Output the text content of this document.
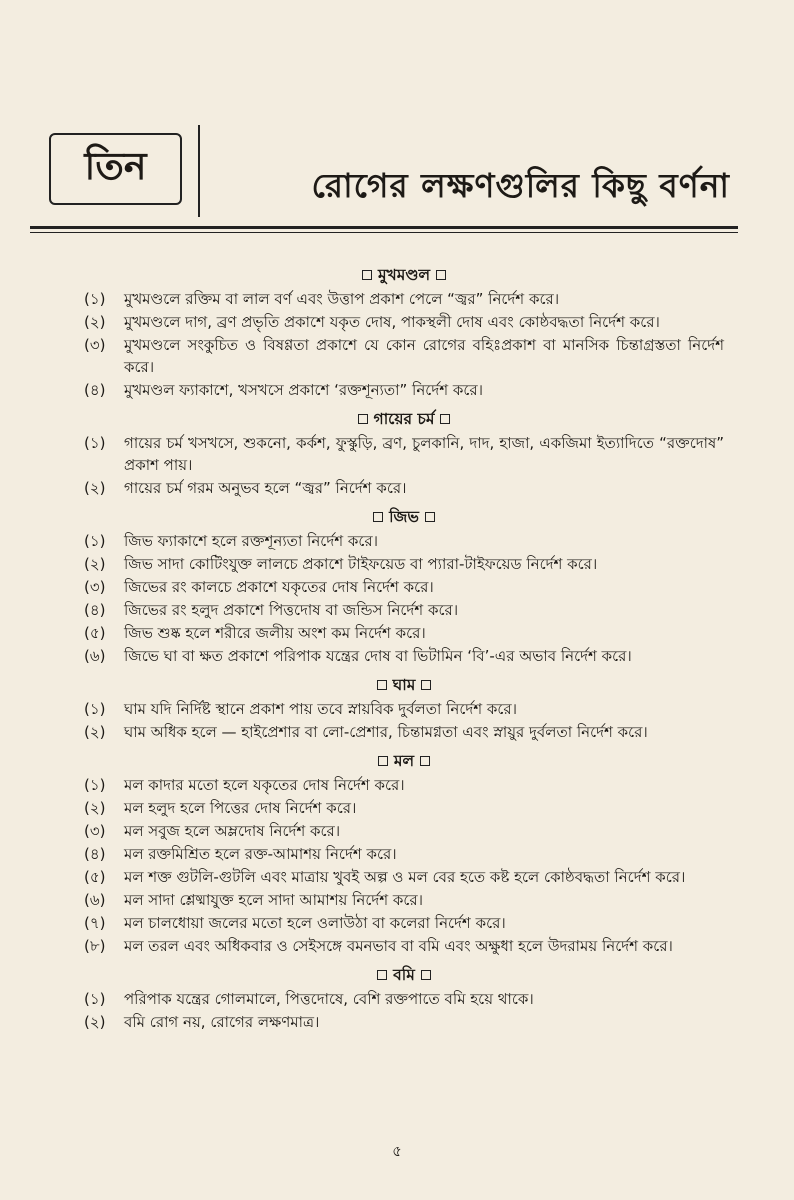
তিন	রোগের লক্ষণগুলির কিছু বর্ণনা
মুখমণ্ডল
(১)	মুখমণ্ডলে রক্তিম বা লাল বর্ণ এবং উত্তাপ প্রকাশ পেলে “জ্বর” নির্দেশ করে।
(২)	মুখমণ্ডলে দাগ, ব্রণ প্রভৃতি প্রকাশে যকৃত দোষ, পাকস্থলী দোষ এবং কোষ্ঠবদ্ধতা নির্দেশ করে।
(৩)	মুখমণ্ডলে সংকুচিত ও বিষণ্ণতা প্রকাশে যে কোন রোগের বহিঃপ্রকাশ বা মানসিক চিন্তাগ্রস্ততা নির্দেশ করে।
(৪)	মুখমণ্ডল ফ্যাকাশে, খসখসে প্রকাশে ‘রক্তশূন্যতা” নির্দেশ করে।
গায়ের চর্ম
(১)	গায়ের চর্ম খসখসে, শুকনো, কর্কশ, ফুস্কুড়ি, ব্রণ, চুলকানি, দাদ, হাজা, একজিমা ইত্যাদিতে “রক্তদোষ” প্রকাশ পায়।
(২)	গায়ের চর্ম গরম অনুভব হলে “জ্বর” নির্দেশ করে।
জিভ
(১)	জিভ ফ্যাকাশে হলে রক্তশূন্যতা নির্দেশ করে।
(২)	জিভ সাদা কোটিংযুক্ত লালচে প্রকাশে টাইফয়েড বা প্যারা-টাইফয়েড নির্দেশ করে।
(৩)	জিভের রং কালচে প্রকাশে যকৃতের দোষ নির্দেশ করে।
(৪)	জিভের রং হলুদ প্রকাশে পিত্তদোষ বা জন্ডিস নির্দেশ করে।
(৫)	জিভ শুষ্ক হলে শরীরে জলীয় অংশ কম নির্দেশ করে।
(৬)	জিভে ঘা বা ক্ষত প্রকাশে পরিপাক যন্ত্রের দোষ বা ভিটামিন ‘বি’-এর অভাব নির্দেশ করে।
ঘাম
(১)	ঘাম যদি নির্দিষ্ট স্থানে প্রকাশ পায় তবে স্নায়বিক দুর্বলতা নির্দেশ করে।
(২)	ঘাম অধিক হলে — হাইপ্রেশার বা লো-প্রেশার, চিন্তামগ্নতা এবং স্নায়ুর দুর্বলতা নির্দেশ করে।
মল
(১)	মল কাদার মতো হলে যকৃতের দোষ নির্দেশ করে।
(২)	মল হলুদ হলে পিত্তের দোষ নির্দেশ করে।
(৩)	মল সবুজ হলে অম্লদোষ নির্দেশ করে।
(৪)	মল রক্তমিশ্রিত হলে রক্ত-আমাশয় নির্দেশ করে।
(৫)	মল শক্ত গুটলি-গুটলি এবং মাত্রায় খুবই অল্প ও মল বের হতে কষ্ট হলে কোষ্ঠবদ্ধতা নির্দেশ করে।
(৬)	মল সাদা শ্লেষ্মাযুক্ত হলে সাদা আমাশয় নির্দেশ করে।
(৭)	মল চালধোয়া জলের মতো হলে ওলাউঠা বা কলেরা নির্দেশ করে।
(৮)	মল তরল এবং অধিকবার ও সেইসঙ্গে বমনভাব বা বমি এবং অক্ষুধা হলে উদরাময় নির্দেশ করে।
বমি
(১)	পরিপাক যন্ত্রের গোলমালে, পিত্তদোষে, বেশি রক্তপাতে বমি হয়ে থাকে।
(২)	বমি রোগ নয়, রোগের লক্ষণমাত্র।
৫
